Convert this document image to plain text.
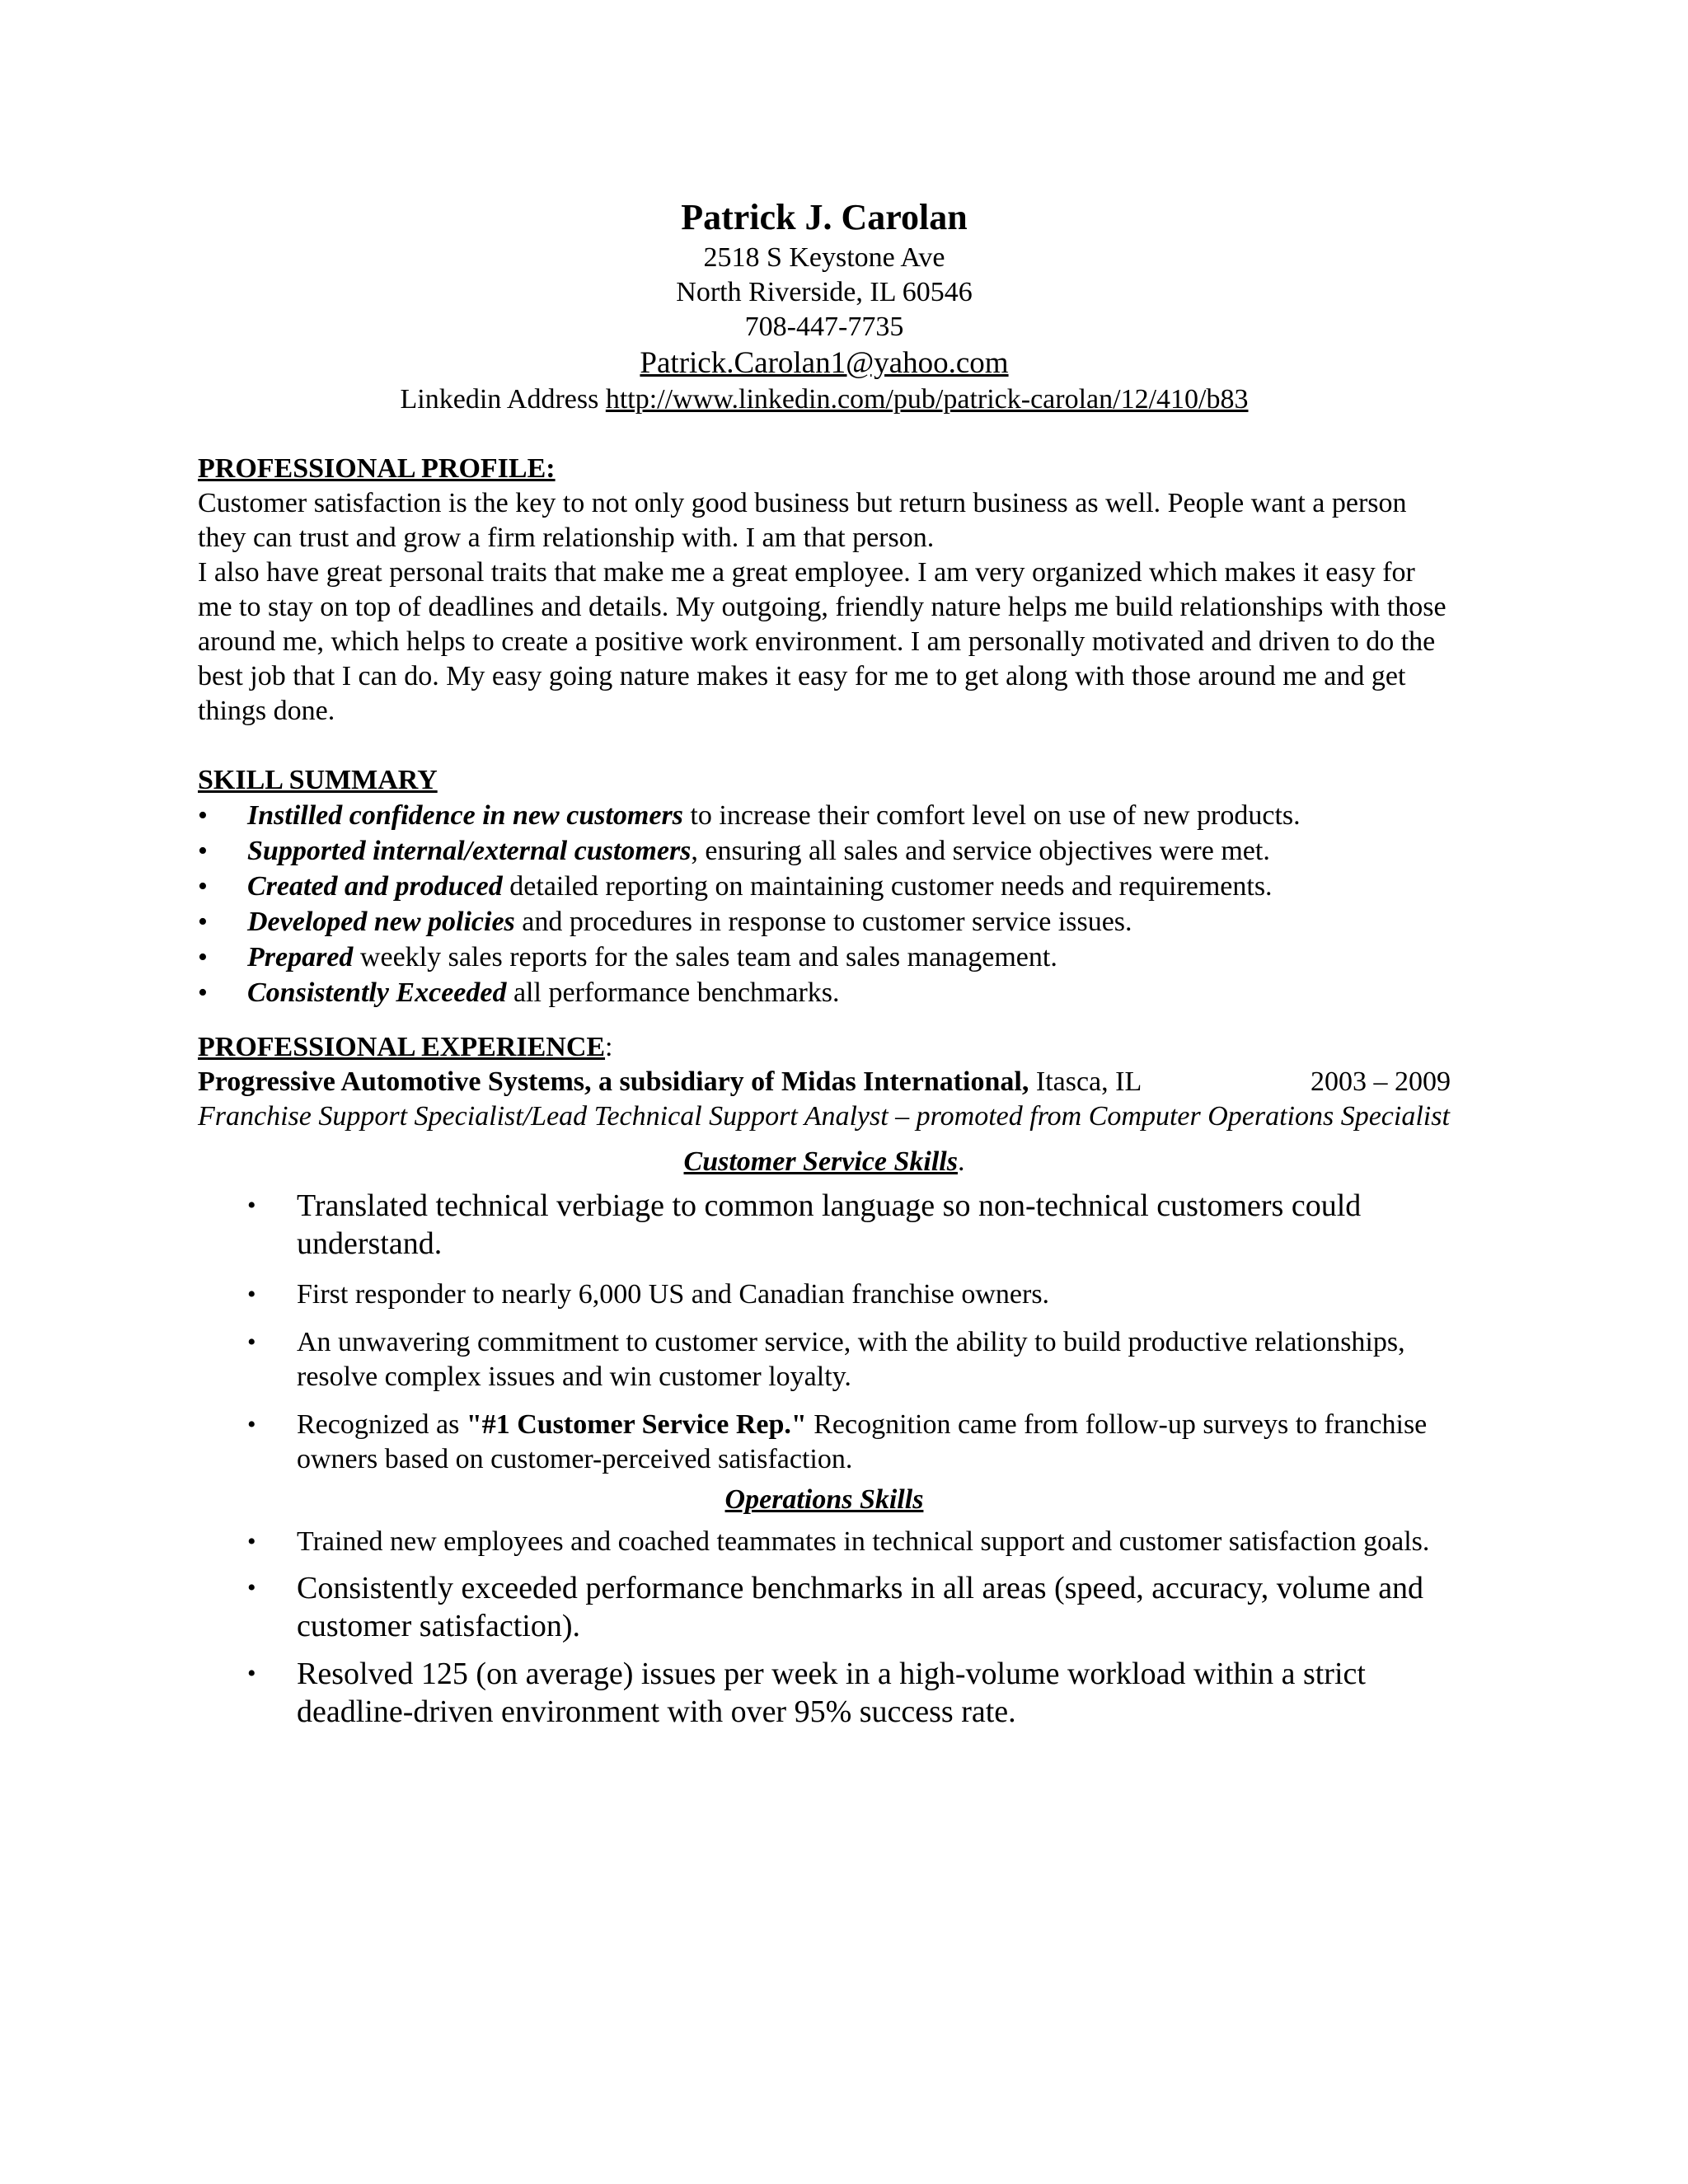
Patrick J. Carolan
2518 S Keystone Ave
North Riverside, IL 60546
708-447-7735
Patrick.Carolan1@yahoo.com
Linkedin Address http://www.linkedin.com/pub/patrick-carolan/12/410/b83
PROFESSIONAL PROFILE:
Customer satisfaction is the key to not only good business but return business as well. People want a person they can trust and grow a firm relationship with. I am that person.
I also have great personal traits that make me a great employee. I am very organized which makes it easy for me to stay on top of deadlines and details. My outgoing, friendly nature helps me build relationships with those around me, which helps to create a positive work environment. I am personally motivated and driven to do the best job that I can do. My easy going nature makes it easy for me to get along with those around me and get things done.
SKILL SUMMARY
• Instilled confidence in new customers to increase their comfort level on use of new products.
• Supported internal/external customers, ensuring all sales and service objectives were met.
• Created and produced detailed reporting on maintaining customer needs and requirements.
• Developed new policies and procedures in response to customer service issues.
• Prepared weekly sales reports for the sales team and sales management.
• Consistently Exceeded all performance benchmarks.
PROFESSIONAL EXPERIENCE:
Progressive Automotive Systems, a subsidiary of Midas International, Itasca, IL	2003 – 2009
Franchise Support Specialist/Lead Technical Support Analyst – promoted from Computer Operations Specialist
Customer Service Skills.
• Translated technical verbiage to common language so non-technical customers could understand.
• First responder to nearly 6,000 US and Canadian franchise owners.
• An unwavering commitment to customer service, with the ability to build productive relationships, resolve complex issues and win customer loyalty.
• Recognized as "#1 Customer Service Rep." Recognition came from follow-up surveys to franchise owners based on customer-perceived satisfaction.
Operations Skills
• Trained new employees and coached teammates in technical support and customer satisfaction goals.
• Consistently exceeded performance benchmarks in all areas (speed, accuracy, volume and customer satisfaction).
• Resolved 125 (on average) issues per week in a high-volume workload within a strict deadline-driven environment with over 95% success rate.
